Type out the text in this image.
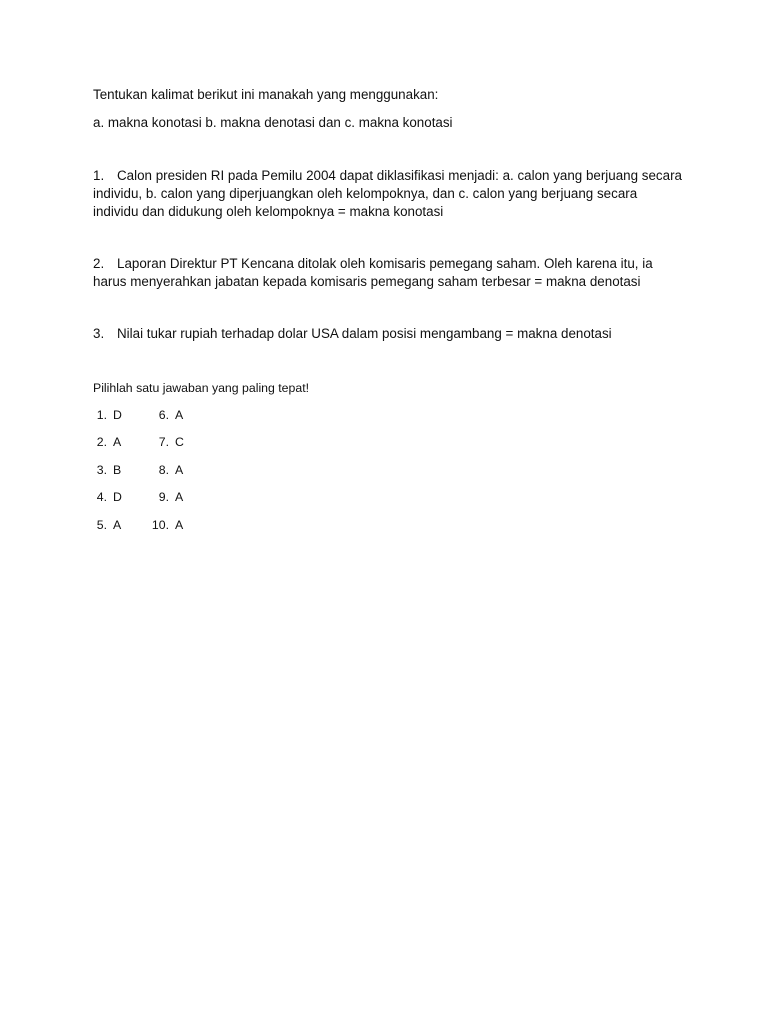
Tentukan kalimat berikut ini manakah yang menggunakan:

a. makna konotasi b. makna denotasi dan c. makna konotasi

1. Calon presiden RI pada Pemilu 2004 dapat diklasifikasi menjadi: a. calon yang berjuang secara individu, b. calon yang diperjuangkan oleh kelompoknya, dan c. calon yang berjuang secara individu dan didukung oleh kelompoknya = makna konotasi

2. Laporan Direktur PT Kencana ditolak oleh komisaris pemegang saham. Oleh karena itu, ia harus menyerahkan jabatan kepada komisaris pemegang saham terbesar = makna denotasi

3. Nilai tukar rupiah terhadap dolar USA dalam posisi mengambang = makna denotasi

Pilihlah satu jawaban yang paling tepat!

1. D	6. A
2. A	7. C
3. B	8. A
4. D	9. A
5. A	10. A
